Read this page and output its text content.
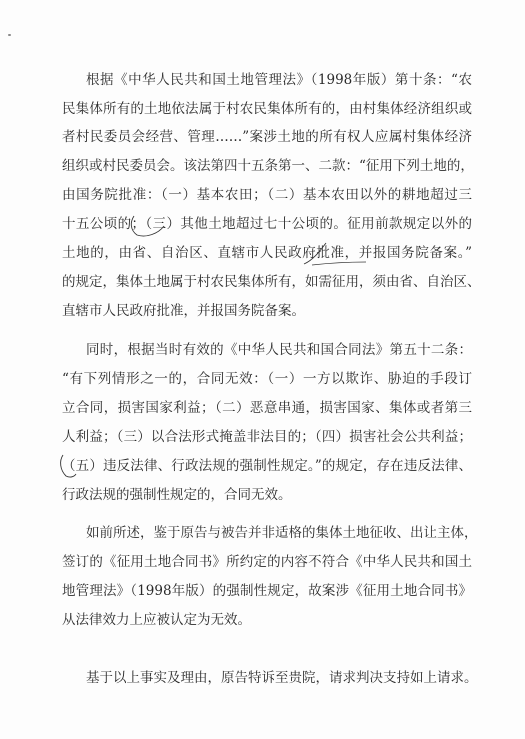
根据《中华人民共和国土地管理法》（1998年版）第十条：“农
民集体所有的土地依法属于村农民集体所有的，由村集体经济组织或
者村民委员会经营、管理……”案涉土地的所有权人应属村集体经济
组织或村民委员会。该法第四十五条第一、二款：“征用下列土地的，
由国务院批准：（一）基本农田；（二）基本农田以外的耕地超过三
十五公顷的；（三）其他土地超过七十公顷的。征用前款规定以外的
土地的，由省、自治区、直辖市人民政府批准，并报国务院备案。”
的规定，集体土地属于村农民集体所有，如需征用，须由省、自治区、
直辖市人民政府批准，并报国务院备案。
同时，根据当时有效的《中华人民共和国合同法》第五十二条：
“有下列情形之一的，合同无效：（一）一方以欺诈、胁迫的手段订
立合同，损害国家利益；（二）恶意串通，损害国家、集体或者第三
人利益；（三）以合法形式掩盖非法目的；（四）损害社会公共利益；
（五）违反法律、行政法规的强制性规定。”的规定，存在违反法律、
行政法规的强制性规定的，合同无效。
如前所述，鉴于原告与被告并非适格的集体土地征收、出让主体，
签订的《征用土地合同书》所约定的内容不符合《中华人民共和国土
地管理法》（1998年版）的强制性规定，故案涉《征用土地合同书》
从法律效力上应被认定为无效。
基于以上事实及理由，原告特诉至贵院，请求判决支持如上请求。
